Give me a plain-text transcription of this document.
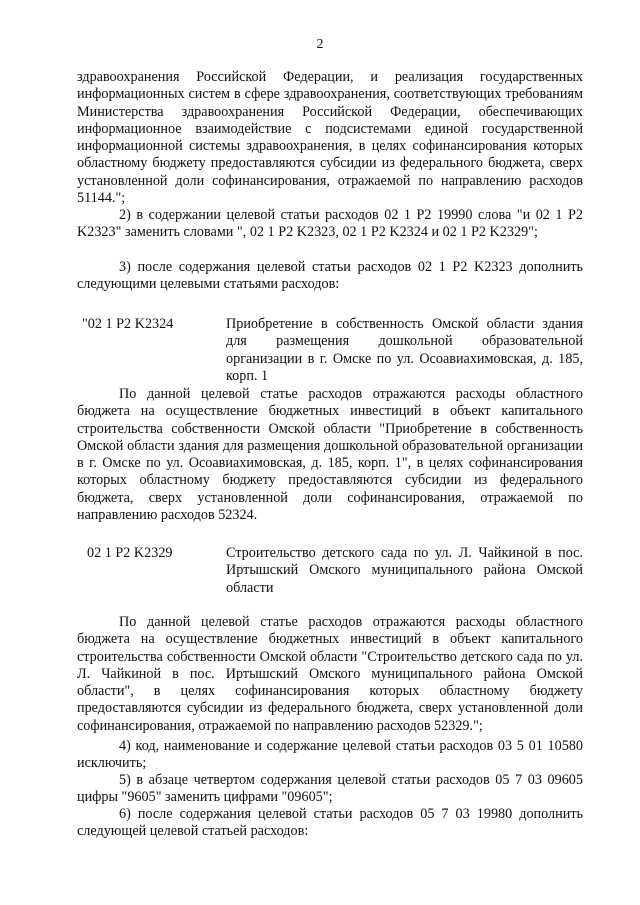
2

здравоохранения Российской Федерации, и реализация государственных информационных систем в сфере здравоохранения, соответствующих требованиям Министерства здравоохранения Российской Федерации, обеспечивающих информационное взаимодействие с подсистемами единой государственной информационной системы здравоохранения, в целях софинансирования которых областному бюджету предоставляются субсидии из федерального бюджета, сверх установленной доли софинансирования, отражаемой по направлению расходов 51144.";

2) в содержании целевой статьи расходов 02 1 P2 19990 слова "и 02 1 P2 K2323" заменить словами ", 02 1 P2 K2323, 02 1 P2 K2324 и 02 1 P2 K2329";

3) после содержания целевой статьи расходов 02 1 P2 K2323 дополнить следующими целевыми статьями расходов:

"02 1 P2 K2324	Приобретение в собственность Омской области здания для размещения дошкольной образовательной организации в г. Омске по ул. Осоавиахимовская, д. 185, корп. 1

По данной целевой статье расходов отражаются расходы областного бюджета на осуществление бюджетных инвестиций в объект капитального строительства собственности Омской области "Приобретение в собственность Омской области здания для размещения дошкольной образовательной организации в г. Омске по ул. Осоавиахимовская, д. 185, корп. 1", в целях софинансирования которых областному бюджету предоставляются субсидии из федерального бюджета, сверх установленной доли софинансирования, отражаемой по направлению расходов 52324.

02 1 P2 K2329	Строительство детского сада по ул. Л. Чайкиной в пос. Иртышский Омского муниципального района Омской области

По данной целевой статье расходов отражаются расходы областного бюджета на осуществление бюджетных инвестиций в объект капитального строительства собственности Омской области "Строительство детского сада по ул. Л. Чайкиной в пос. Иртышский Омского муниципального района Омской области", в целях софинансирования которых областному бюджету предоставляются субсидии из федерального бюджета, сверх установленной доли софинансирования, отражаемой по направлению расходов 52329.";

4) код, наименование и содержание целевой статьи расходов 03 5 01 10580 исключить;

5) в абзаце четвертом содержания целевой статьи расходов 05 7 03 09605 цифры "9605" заменить цифрами "09605";

6) после содержания целевой статьи расходов 05 7 03 19980 дополнить следующей целевой статьей расходов:
